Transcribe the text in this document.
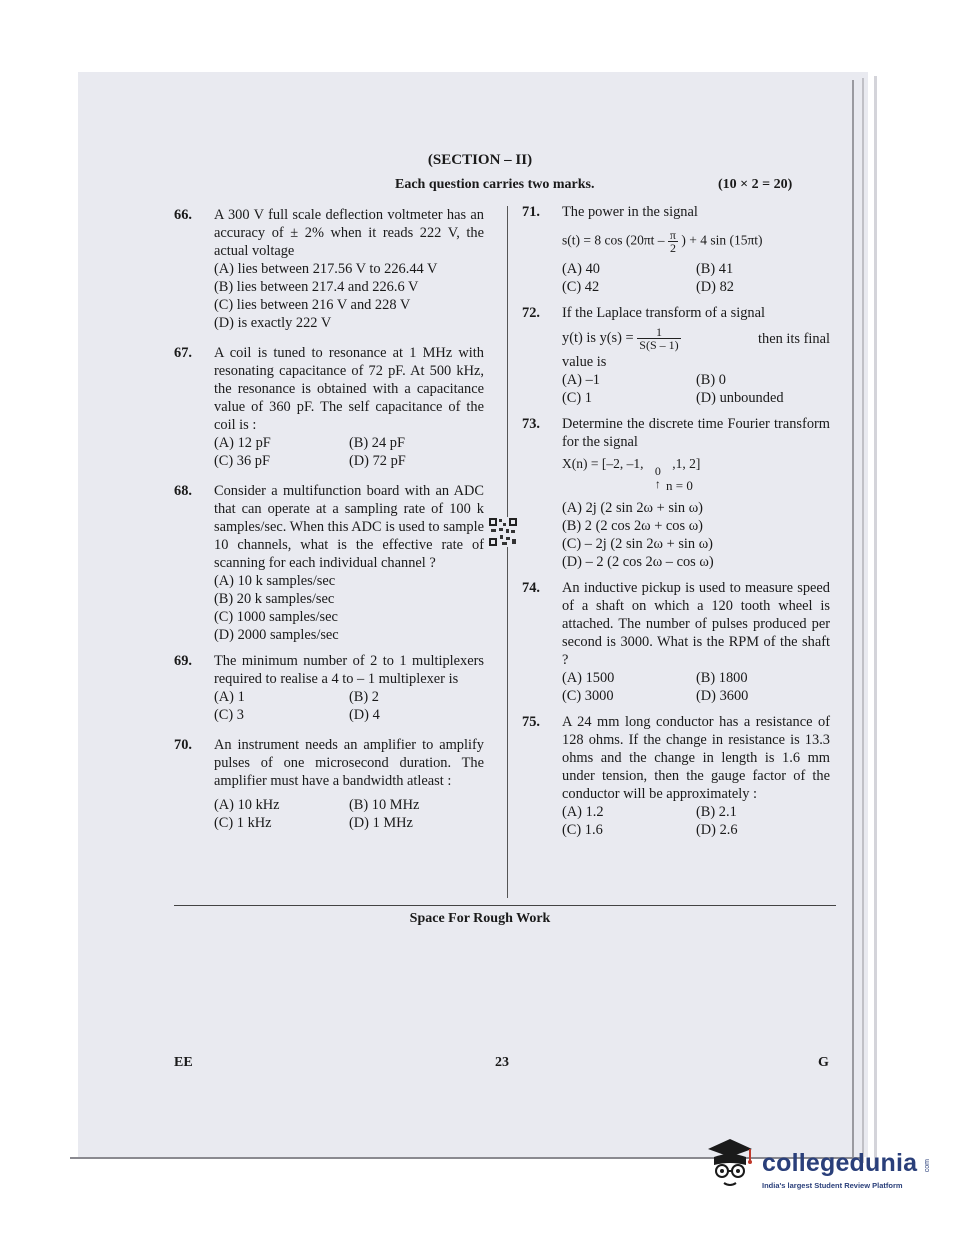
(SECTION – II)
Each question carries two marks.	(10 × 2 = 20)
66. A 300 V full scale deflection voltmeter has an accuracy of ± 2% when it reads 222 V, the actual voltage
(A) lies between 217.56 V to 226.44 V
(B) lies between 217.4 and 226.6 V
(C) lies between 216 V and 228 V
(D) is exactly 222 V
67. A coil is tuned to resonance at 1 MHz with resonating capacitance of 72 pF. At 500 kHz, the resonance is obtained with a capacitance value of 360 pF. The self capacitance of the coil is :
(A) 12 pF	(B) 24 pF
(C) 36 pF	(D) 72 pF
68. Consider a multifunction board with an ADC that can operate at a sampling rate of 100 k samples/sec. When this ADC is used to sample 10 channels, what is the effective rate of scanning for each individual channel ?
(A) 10 k samples/sec
(B) 20 k samples/sec
(C) 1000 samples/sec
(D) 2000 samples/sec
69. The minimum number of 2 to 1 multiplexers required to realise a 4 to – 1 multiplexer is
(A) 1	(B) 2
(C) 3	(D) 4
70. An instrument needs an amplifier to amplify pulses of one microsecond duration. The amplifier must have a bandwidth atleast :
(A) 10 kHz	(B) 10 MHz
(C) 1 kHz	(D) 1 MHz
71. The power in the signal
s(t) = 8 $\cos (20\pi t - \frac{\pi}{2}$ ) + 4 sin (15πt)
(A) 40	(B) 41
(C) 42	(D) 82
72. If the Laplace transform of a signal
y(t) is $y(s) = \frac{1}{S(S - 1)}$	then its final
value is
(A) –1	(B) 0
(C) 1	(D) unbounded
73. Determine the discrete time Fourier transform for the signal
X(n) = [–2, –1, 0
↑
,1, 2]
n = 0
(A) 2j (2 sin 2ω + sin ω)
(B) 2 (2 cos 2ω + cos ω)
(C) – 2j (2 sin 2ω + sin ω)
(D) – 2 (2 cos 2ω – cos ω)
74. An inductive pickup is used to measure speed of a shaft on which a 120 tooth wheel is attached. The number of pulses produced per second is 3000. What is the RPM of the shaft ?
(A) 1500	(B) 1800
(C) 3000	(D) 3600
75. A 24 mm long conductor has a resistance of 128 ohms. If the change in resistance is 13.3 ohms and the change in length is 1.6 mm under tension, then the gauge factor of the conductor will be approximately :
(A) 1.2	(B) 2.1
(C) 1.6	(D) 2.6
Space For Rough Work
EE	23	G
collegedunia com
India's largest Student Review Platform
